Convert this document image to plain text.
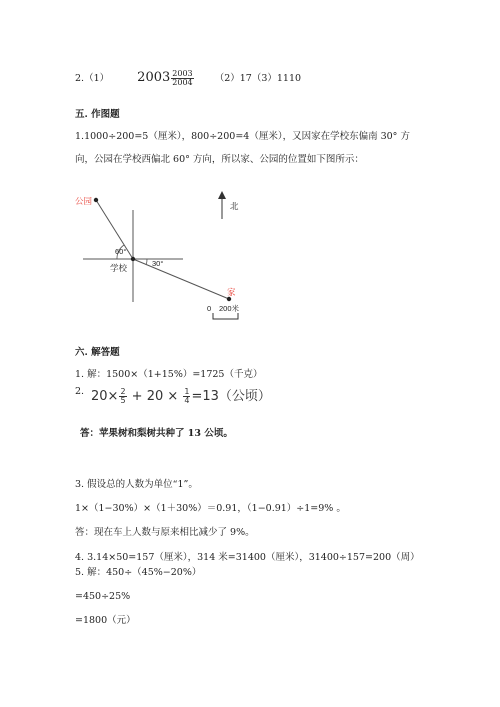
2.（1） $2003 \frac{2003}{2004} (2)17(3)1110$
五. 作图题
1.1000÷200=5（厘米），800÷200=4（厘米），又因家在学校东偏南 30° 方
向，公园在学校西偏北 60° 方向，所以家、公园的位置如下图所示：
公园
学校
家
60°
30°
北
0 200米
六. 解答题
1. 解：1500×（1+15%）=1725（千克）
2. $20\times \frac{2}{5} + 20 \times \frac{1}{4} =13$（公顷）
答：苹果树和梨树共种了 13 公顷。
3. 假设总的人数为单位“1”。
1×（1−30%）×（1＋30%）＝0.91，（1−0.91）÷1=9% 。
答：现在车上人数与原来相比减少了 9%。
4. 3.14×50=157（厘米），314 米=31400（厘米），31400÷157=200（周）
5. 解：450÷（45%−20%）
=450÷25%
=1800（元）
